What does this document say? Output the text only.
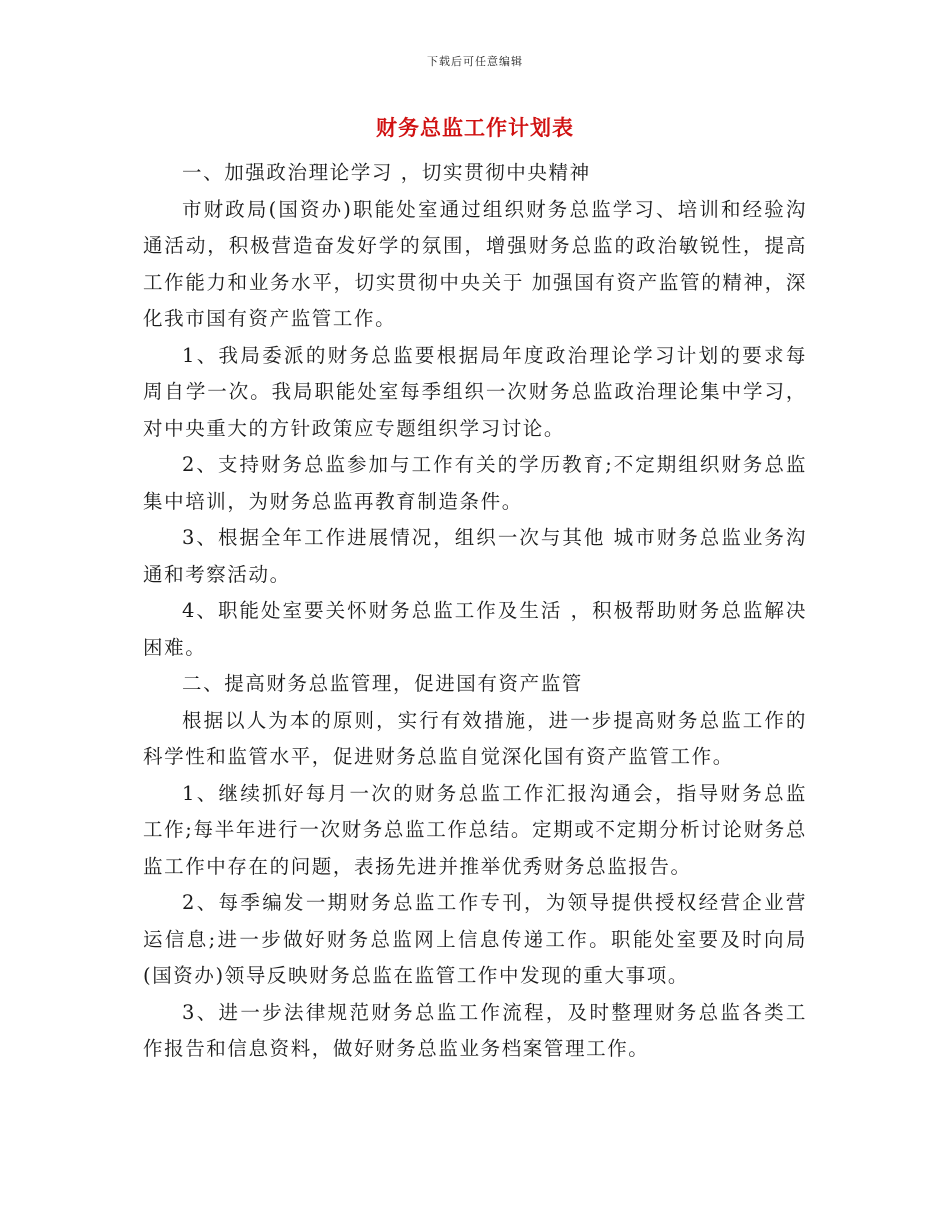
下载后可任意编辑
财务总监工作计划表

一、加强政治理论学习 ，切实贯彻中央精神

市财政局(国资办)职能处室通过组织财务总监学习、培训和经验沟通活动，积极营造奋发好学的氛围，增强财务总监的政治敏锐性，提高工作能力和业务水平，切实贯彻中央关于 加强国有资产监管的精神，深化我市国有资产监管工作。

1、我局委派的财务总监要根据局年度政治理论学习计划的要求每周自学一次。我局职能处室每季组织一次财务总监政治理论集中学习，对中央重大的方针政策应专题组织学习讨论。

2、支持财务总监参加与工作有关的学历教育;不定期组织财务总监集中培训，为财务总监再教育制造条件。

3、根据全年工作进展情况，组织一次与其他 城市财务总监业务沟通和考察活动。

4、职能处室要关怀财务总监工作及生活 ，积极帮助财务总监解决困难。

二、提高财务总监管理，促进国有资产监管

根据以人为本的原则，实行有效措施，进一步提高财务总监工作的科学性和监管水平，促进财务总监自觉深化国有资产监管工作。

1、继续抓好每月一次的财务总监工作汇报沟通会，指导财务总监工作;每半年进行一次财务总监工作总结。定期或不定期分析讨论财务总监工作中存在的问题，表扬先进并推举优秀财务总监报告。

2、每季编发一期财务总监工作专刊，为领导提供授权经营企业营运信息;进一步做好财务总监网上信息传递工作。职能处室要及时向局(国资办)领导反映财务总监在监管工作中发现的重大事项。

3、进一步法律规范财务总监工作流程，及时整理财务总监各类工作报告和信息资料，做好财务总监业务档案管理工作。
